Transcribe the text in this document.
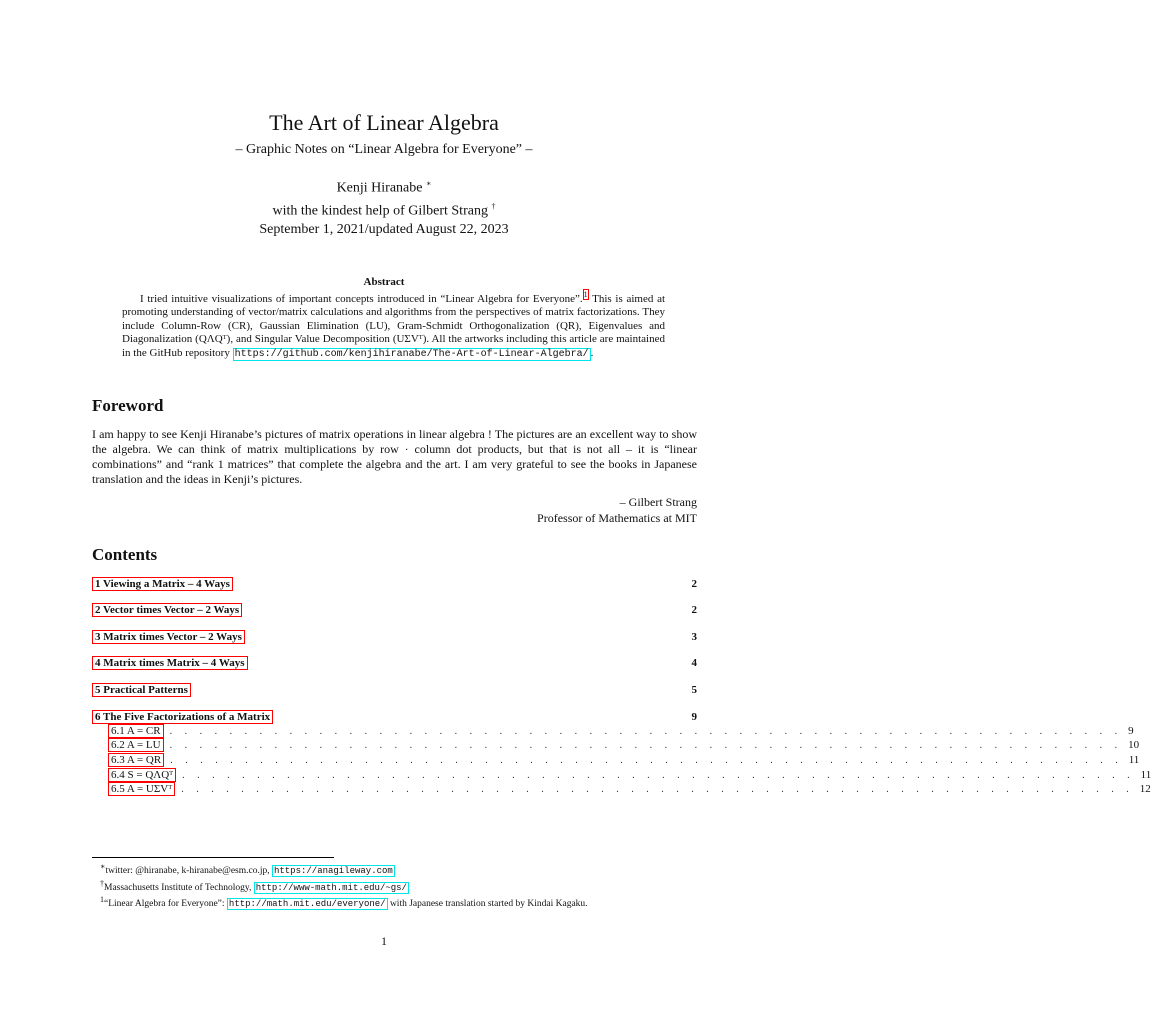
The Art of Linear Algebra
– Graphic Notes on “Linear Algebra for Everyone” –
Kenji Hiranabe ∗
with the kindest help of Gilbert Strang †
September 1, 2021/updated August 22, 2023
Abstract
I tried intuitive visualizations of important concepts introduced in “Linear Algebra for Everyone”.$^1$ This is aimed at promoting understanding of vector/matrix calculations and algorithms from the perspectives of matrix factorizations. They include Column-Row (CR), Gaussian Elimination (LU), Gram-Schmidt Orthogonalization (QR), Eigenvalues and Diagonalization (QΛQᵀ), and Singular Value Decomposition (UΣVᵀ). All the artworks including this article are maintained in the GitHub repository https://github.com/kenjihiranabe/The-Art-of-Linear-Algebra/ .
Foreword
I am happy to see Kenji Hiranabe’s pictures of matrix operations in linear algebra ! The pictures are an excellent way to show the algebra. We can think of matrix multiplications by row · column dot products, but that is not all – it is “linear combinations” and “rank 1 matrices” that complete the algebra and the art. I am very grateful to see the books in Japanese translation and the ideas in Kenji’s pictures.
– Gilbert Strang
Professor of Mathematics at MIT
Contents
1 Viewing a Matrix – 4 Ways	2
2 Vector times Vector – 2 Ways	2
3 Matrix times Vector – 2 Ways	3
4 Matrix times Matrix – 4 Ways	4
5 Practical Patterns	5
6 The Five Factorizations of a Matrix	9
6.1 A = CR . . . . . . . . . . . . . . . . . . . . . . . . . . . . . . . . . . . . . . . . . . . . . . . . . . . . . . . . . . . . . . . . 9
6.2 A = LU . . . . . . . . . . . . . . . . . . . . . . . . . . . . . . . . . . . . . . . . . . . . . . . . . . . . . . . . . . . . . . . . 10
6.3 A = QR . . . . . . . . . . . . . . . . . . . . . . . . . . . . . . . . . . . . . . . . . . . . . . . . . . . . . . . . . . . . . . . . 11
6.4 S = QΛQᵀ . . . . . . . . . . . . . . . . . . . . . . . . . . . . . . . . . . . . . . . . . . . . . . . . . . . . . . . . . . . . . . . . 11
6.5 A = UΣVᵀ . . . . . . . . . . . . . . . . . . . . . . . . . . . . . . . . . . . . . . . . . . . . . . . . . . . . . . . . . . . . . . . . 12
∗twitter: @hiranabe, k-hiranabe@esm.co.jp, https://anagileway.com
†Massachusetts Institute of Technology, http://www-math.mit.edu/~gs/
$^1$“Linear Algebra for Everyone”: http://math.mit.edu/everyone/ with Japanese translation started by Kindai Kagaku.
1
